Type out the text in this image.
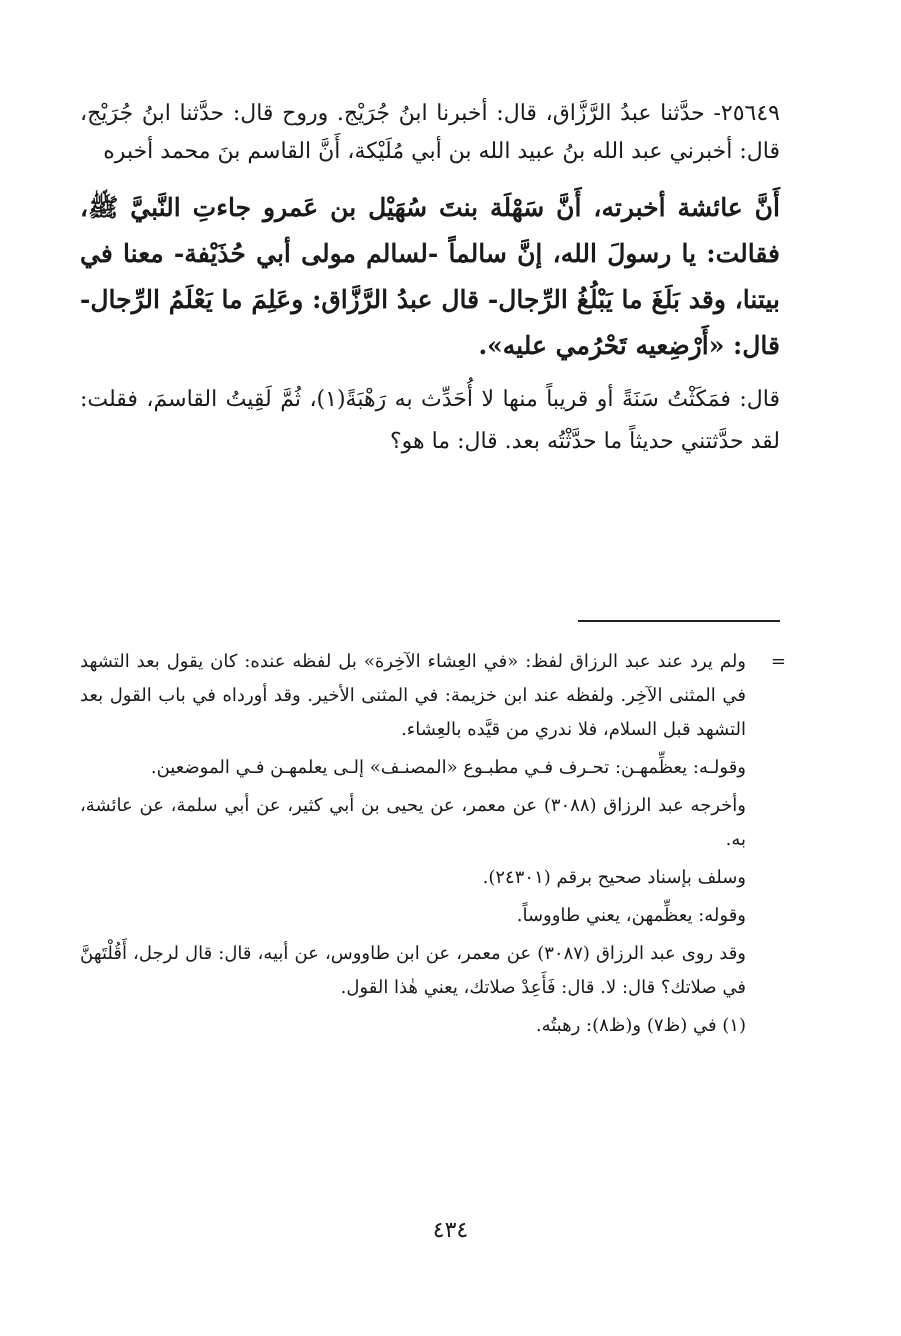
٢٥٦٤٩- حدَّثنا عبدُ الرَّزَّاق، قال: أخبرنا ابنُ جُرَيْج. وروح قال: حدَّثنا ابنُ جُرَيْج، قال: أخبرني عبد الله بنُ عبيد الله بن أبي مُلَيْكة، أَنَّ القاسم بنَ محمد أخبره

أَنَّ عائشة أخبرته، أَنَّ سَهْلَة بنتَ سُهَيْل بن عَمرو جاءتِ النَّبيَّ ﷺ، فقالت: يا رسولَ الله، إنَّ سالماً -لسالم مولى أبي حُذَيْفة- معنا في بيتنا، وقد بَلَغَ ما يَبْلُغُ الرِّجال- قال عبدُ الرَّزَّاق: وعَلِمَ ما يَعْلَمُ الرِّجال- قال: «أَرْضِعيه تَحْرُمي عليه».

قال: فمَكَثْتُ سَنَةً أو قريباً منها لا أُحَدِّث به رَهْبَةً(١)، ثُمَّ لَقِيتُ القاسمَ، فقلت: لقد حدَّثتني حديثاً ما حدَّثْتُه بعد. قال: ما هو؟

=
ولم يرد عند عبد الرزاق لفظ: «في العِشاء الآخِرة» بل لفظه عنده: كان يقول بعد التشهد في المثنى الآخِر. ولفظه عند ابن خزيمة: في المثنى الأخير. وقد أورداه في باب القول بعد التشهد قبل السلام، فلا ندري من قيَّده بالعِشاء.

وقولـه: يعظِّمهـن: تحـرف فـي مطبـوع «المصنـف» إلـى يعلمهـن فـي الموضعين.

وأخرجه عبد الرزاق (٣٠٨٨) عن معمر، عن يحيى بن أبي كثير، عن أبي سلمة، عن عائشة، به.

وسلف بإسناد صحيح برقم (٢٤٣٠١).

وقوله: يعظِّمهن، يعني طاووساً.

وقد روى عبد الرزاق (٣٠٨٧) عن معمر، عن ابن طاووس، عن أبيه، قال: قال لرجل، أَقُلْتَهنَّ في صلاتك؟ قال: لا. قال: فَأَعِدْ صلاتك، يعني هٰذا القول.

(١) في (ظ٧) و(ظ٨): رهبتُه.

٤٣٤
